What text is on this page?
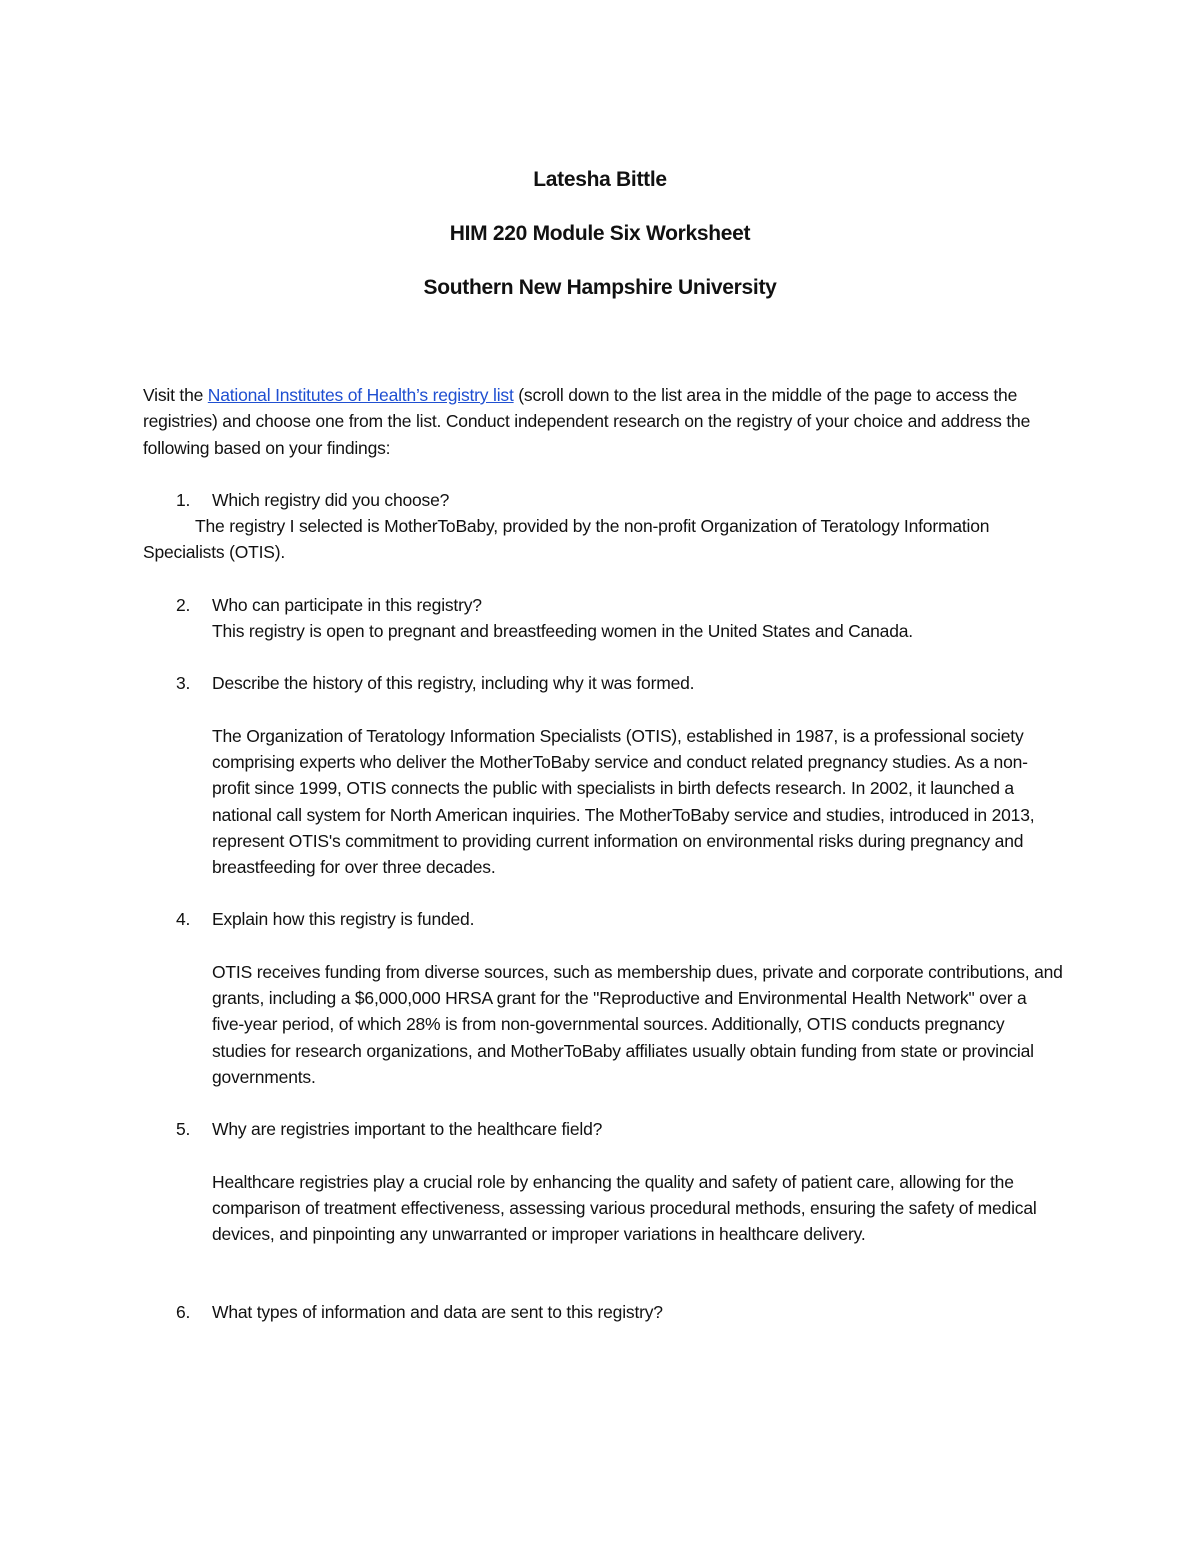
Latesha Bittle
HIM 220 Module Six Worksheet
Southern New Hampshire University

Visit the National Institutes of Health’s registry list (scroll down to the list area in the middle of the page to access the registries) and choose one from the list. Conduct independent research on the registry of your choice and address the following based on your findings:

1. Which registry did you choose?

The registry I selected is MotherToBaby, provided by the non-profit Organization of Teratology Information Specialists (OTIS).

2. Who can participate in this registry?

This registry is open to pregnant and breastfeeding women in the United States and Canada.

3. Describe the history of this registry, including why it was formed.

The Organization of Teratology Information Specialists (OTIS), established in 1987, is a professional society comprising experts who deliver the MotherToBaby service and conduct related pregnancy studies. As a non-profit since 1999, OTIS connects the public with specialists in birth defects research. In 2002, it launched a national call system for North American inquiries. The MotherToBaby service and studies, introduced in 2013, represent OTIS's commitment to providing current information on environmental risks during pregnancy and breastfeeding for over three decades.

4. Explain how this registry is funded.

OTIS receives funding from diverse sources, such as membership dues, private and corporate contributions, and grants, including a $6,000,000 HRSA grant for the "Reproductive and Environmental Health Network" over a five-year period, of which 28% is from non-governmental sources. Additionally, OTIS conducts pregnancy studies for research organizations, and MotherToBaby affiliates usually obtain funding from state or provincial governments.

5. Why are registries important to the healthcare field?

Healthcare registries play a crucial role by enhancing the quality and safety of patient care, allowing for the comparison of treatment effectiveness, assessing various procedural methods, ensuring the safety of medical devices, and pinpointing any unwarranted or improper variations in healthcare delivery.

6. What types of information and data are sent to this registry?
